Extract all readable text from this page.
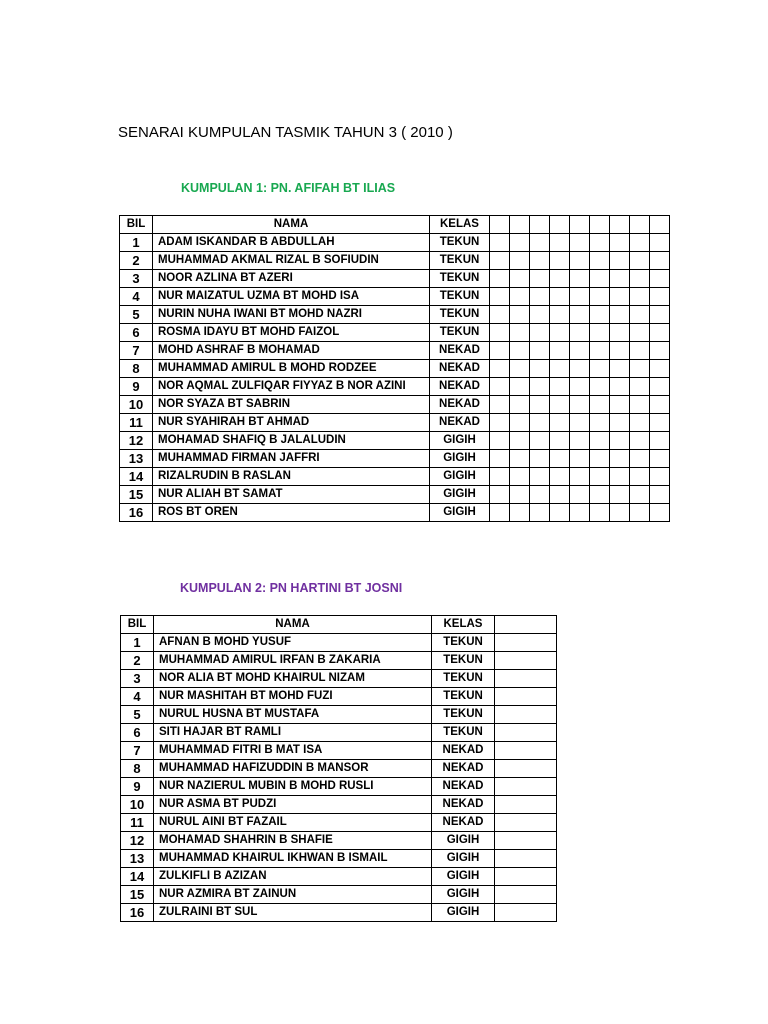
SENARAI KUMPULAN TASMIK TAHUN 3 ( 2010 )
KUMPULAN 1: PN. AFIFAH BT ILIAS
BIL	NAMA	KELAS									
1	ADAM ISKANDAR B ABDULLAH	TEKUN									
2	MUHAMMAD AKMAL RIZAL B SOFIUDIN	TEKUN									
3	NOOR AZLINA BT AZERI	TEKUN									
4	NUR MAIZATUL UZMA BT MOHD ISA	TEKUN									
5	NURIN NUHA IWANI BT MOHD NAZRI	TEKUN									
6	ROSMA IDAYU BT MOHD FAIZOL	TEKUN									
7	MOHD ASHRAF B MOHAMAD	NEKAD									
8	MUHAMMAD AMIRUL B MOHD RODZEE	NEKAD									
9	NOR AQMAL ZULFIQAR FIYYAZ B NOR AZINI	NEKAD									
10	NOR SYAZA BT SABRIN	NEKAD									
11	NUR SYAHIRAH BT AHMAD	NEKAD									
12	MOHAMAD SHAFIQ B JALALUDIN	GIGIH									
13	MUHAMMAD FIRMAN JAFFRI	GIGIH									
14	RIZALRUDIN B RASLAN	GIGIH									
15	NUR ALIAH BT SAMAT	GIGIH									
16	ROS BT OREN	GIGIH									
KUMPULAN 2: PN HARTINI BT JOSNI
BIL	NAMA	KELAS	
1	AFNAN B MOHD YUSUF	TEKUN	
2	MUHAMMAD AMIRUL IRFAN B ZAKARIA	TEKUN	
3	NOR ALIA BT MOHD KHAIRUL NIZAM	TEKUN	
4	NUR MASHITAH BT MOHD FUZI	TEKUN	
5	NURUL HUSNA BT MUSTAFA	TEKUN	
6	SITI HAJAR BT RAMLI	TEKUN	
7	MUHAMMAD FITRI B MAT ISA	NEKAD	
8	MUHAMMAD HAFIZUDDIN B MANSOR	NEKAD	
9	NUR NAZIERUL MUBIN B MOHD RUSLI	NEKAD	
10	NUR ASMA BT PUDZI	NEKAD	
11	NURUL AINI BT FAZAIL	NEKAD	
12	MOHAMAD SHAHRIN B SHAFIE	GIGIH	
13	MUHAMMAD KHAIRUL IKHWAN B ISMAIL	GIGIH	
14	ZULKIFLI B AZIZAN	GIGIH	
15	NUR AZMIRA BT ZAINUN	GIGIH	
16	ZULRAINI BT SUL	GIGIH	
